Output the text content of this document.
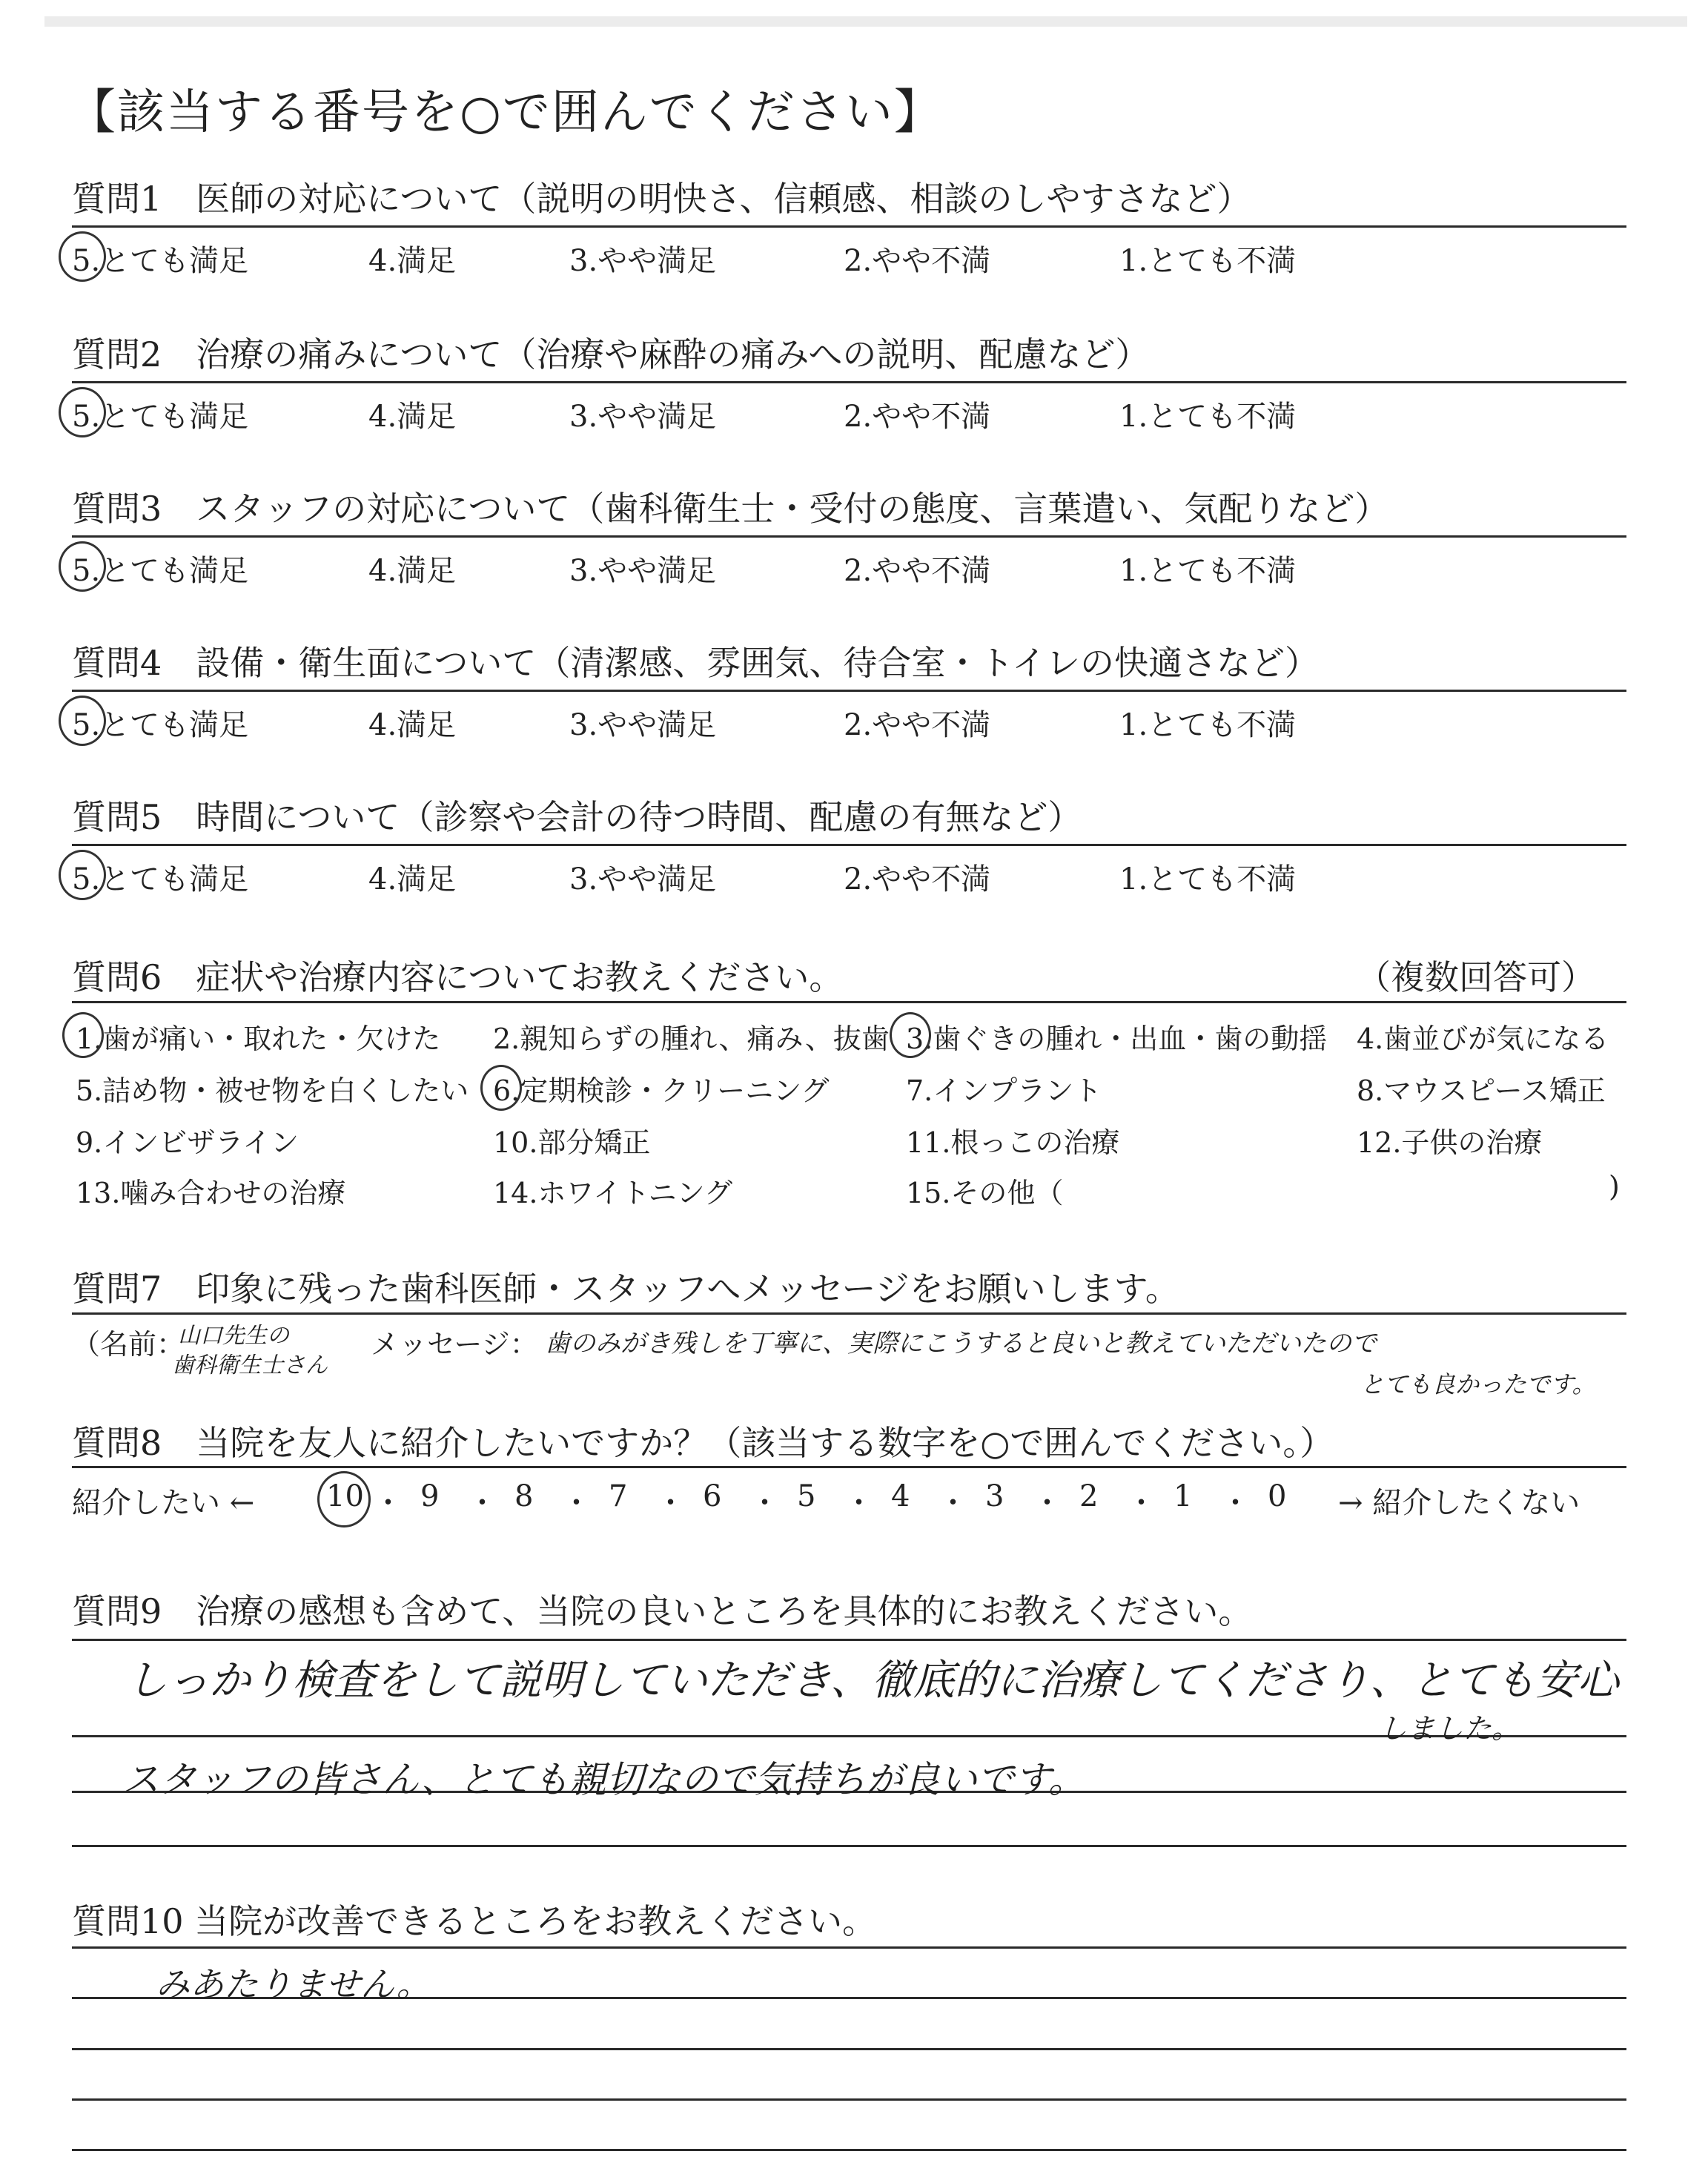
【該当する番号を○で囲んでください】
質問1　医師の対応について（説明の明快さ、信頼感、相談のしやすさなど）
5.とても満足	4.満足	3.やや満足	2.やや不満	1.とても不満
質問2　治療の痛みについて（治療や麻酔の痛みへの説明、配慮など）
5.とても満足	4.満足	3.やや満足	2.やや不満	1.とても不満
質問3　スタッフの対応について（歯科衛生士・受付の態度、言葉遣い、気配りなど）
5.とても満足	4.満足	3.やや満足	2.やや不満	1.とても不満
質問4　設備・衛生面について（清潔感、雰囲気、待合室・トイレの快適さなど）
5.とても満足	4.満足	3.やや満足	2.やや不満	1.とても不満
質問5　時間について（診察や会計の待つ時間、配慮の有無など）
5.とても満足	4.満足	3.やや満足	2.やや不満	1.とても不満
質問6　症状や治療内容についてお教えください。	（複数回答可）
1.歯が痛い・取れた・欠けた 2.親知らずの腫れ、痛み、抜歯 3.歯ぐきの腫れ・出血・歯の動揺 4.歯並びが気になる
5.詰め物・被せ物を白くしたい 6.定期検診・クリーニング	7.インプラント	8.マウスピース矯正
9.インビザライン	10.部分矯正	11.根っこの治療	12.子供の治療
13.噛み合わせの治療	14.ホワイトニング	15.その他（	)
質問7　印象に残った歯科医師・スタッフへメッセージをお願いします。
（名前：
山口先生の
歯科衛生士さん
メッセージ： 歯のみがき残しを丁寧に、実際にこうすると良いと教えていただいたので
とても良かったです。
質問8　当院を友人に紹介したいですか？（該当する数字を○で囲んでください。）
紹介したい ← 10 ・ 9 ・ 8 ・ 7 ・ 6 ・ 5 ・ 4 ・ 3 ・ 2 ・ 1 ・ 0 → 紹介したくない
質問9　治療の感想も含めて、当院の良いところを具体的にお教えください。
しっかり検査をして説明していただき、徹底的に治療してくださり、とても安心
しました。
スタッフの皆さん、とても親切なので気持ちが良いです。
質問10 当院が改善できるところをお教えください。
みあたりません。
